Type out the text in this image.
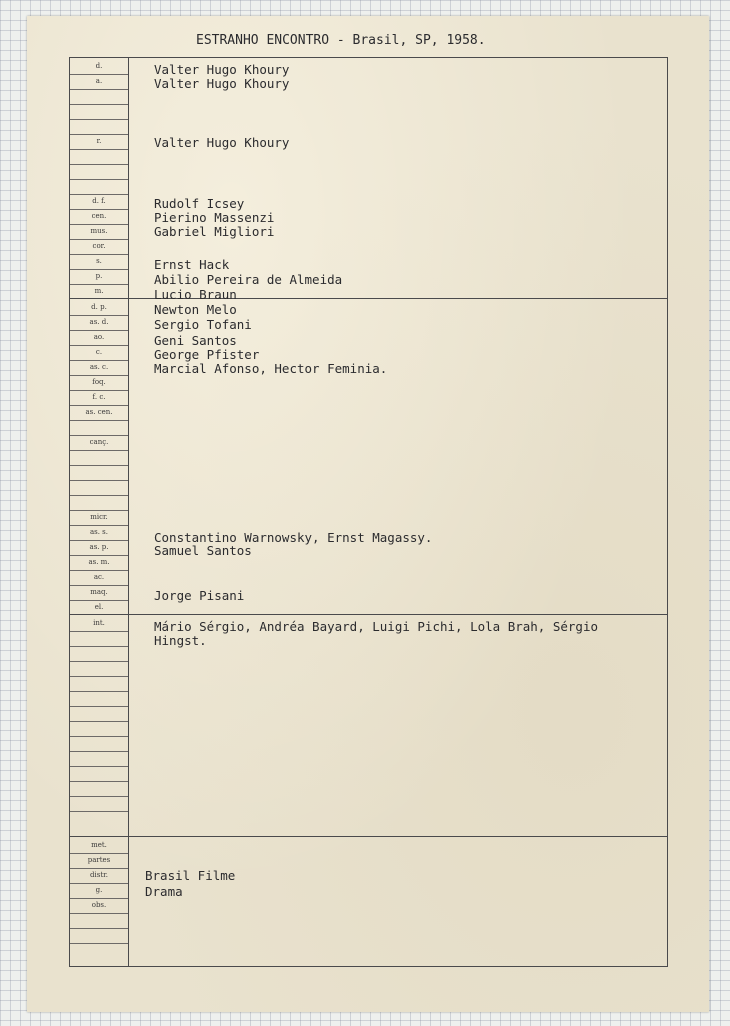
ESTRANHO ENCONTRO - Brasil, SP, 1958.
d.
a.
r.
d. f.
cen.
mus.
cor.
s.
p.
m.
d. p.
as. d.
ao.
c.
as. c.
foq.
f. c.
as. cen.
canç.
micr.
as. s.
as. p.
as. m.
ac.
maq.
el.
int.
met.
partes
distr.
g.
obs.
Valter Hugo Khoury
Valter Hugo Khoury
Valter Hugo Khoury
Rudolf Icsey
Pierino Massenzi
Gabriel Migliori
Ernst Hack
Abilio Pereira de Almeida
Lucio Braun
Newton Melo
Sergio Tofani
Geni Santos
George Pfister
Marcial Afonso, Hector Feminia.
Constantino Warnowsky, Ernst Magassy.
Samuel Santos
Jorge Pisani
Mário Sérgio, Andréa Bayard, Luigi Pichi, Lola Brah, Sérgio
Hingst.
Brasil Filme
Drama
